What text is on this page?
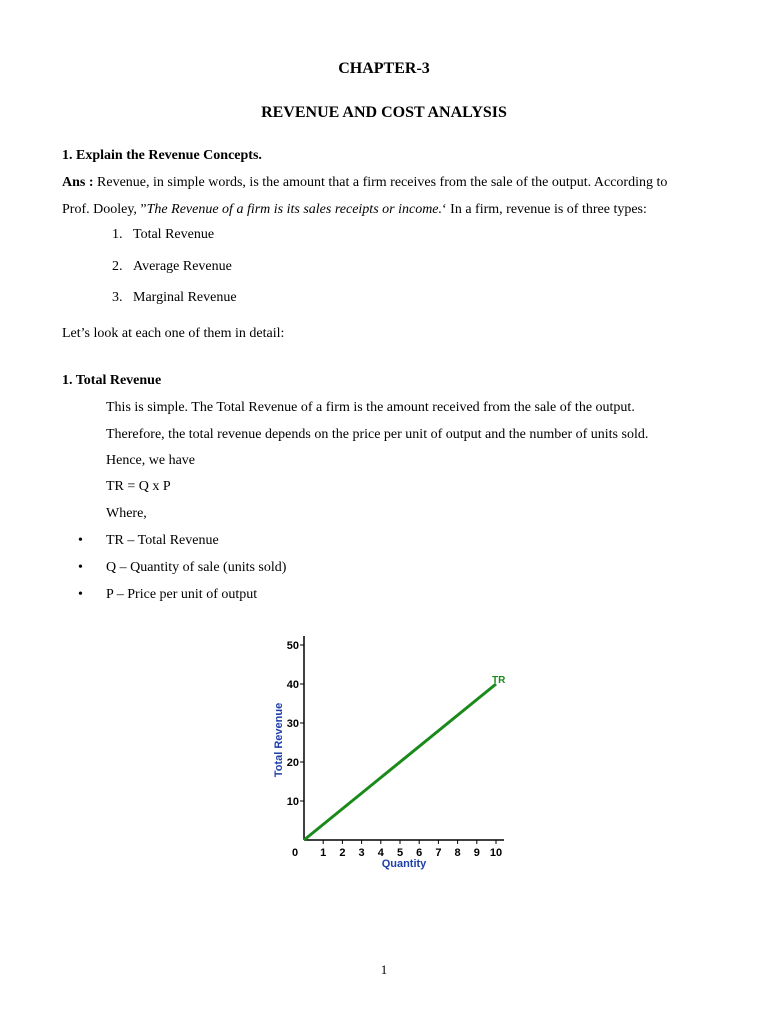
CHAPTER-3
REVENUE AND COST ANALYSIS
1. Explain the Revenue Concepts.
Ans : Revenue, in simple words, is the amount that a firm receives from the sale of the output. According to
Prof. Dooley, ”The Revenue of a firm is its sales receipts or income.‘ In a firm, revenue is of three types:
1. Total Revenue
2. Average Revenue
3. Marginal Revenue
Let’s look at each one of them in detail:
1. Total Revenue
This is simple. The Total Revenue of a firm is the amount received from the sale of the output.
Therefore, the total revenue depends on the price per unit of output and the number of units sold.
Hence, we have
TR = Q x P
Where,
• TR – Total Revenue
• Q – Quantity of sale (units sold)
• P – Price per unit of output
10
20
30
40
50
0 1 2 3 4 5 6 7 8 9 10
Quantity
Total Revenue
TR
1
